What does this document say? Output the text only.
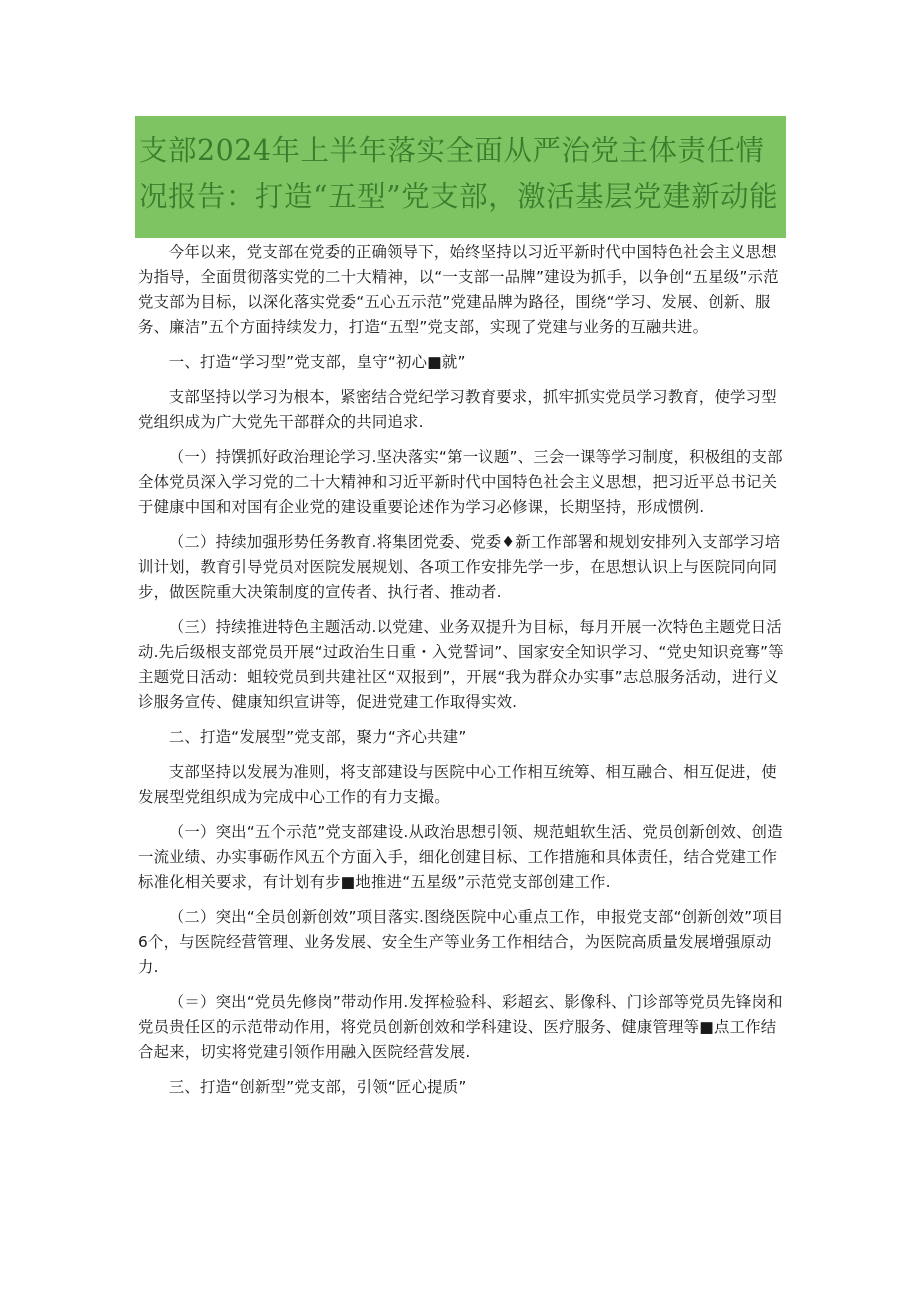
支部2024年上半年落实全面从严治党主体责任情况报告：打造“五型”党支部，激活基层党建新动能

今年以来，党支部在党委的正确领导下，始终坚持以习近平新时代中国特色社会主义思想为指导，全面贯彻落实党的二十大精神，以“一支部一品牌”建设为抓手，以争创“五星级”示范党支部为目标，以深化落实党委“五心五示范”党建品牌为路径，围绕“学习、发展、创新、服务、廉洁”五个方面持续发力，打造“五型”党支部，实现了党建与业务的互融共进。

一、打造“学习型”党支部，皇守“初心■就”

支部坚持以学习为根本，紧密结合党纪学习教育要求，抓牢抓实党员学习教育，使学习型党组织成为广大党先干部群众的共同追求.

（一）持馔抓好政治理论学习.坚决落实“第一议题”、三会一课等学习制度，积极组的支部全体党员深入学习党的二十大精神和习近平新时代中国特色社会主义思想，把习近平总书记关于健康中国和对国有企业党的建设重要论述作为学习必修课，长期坚持，形成惯例.

（二）持续加强形势任务教育.将集团党委、党委♦新工作部署和规划安排列入支部学习培训计划，教育引导党员对医院发展规划、各项工作安排先学一步，在思想认识上与医院同向同步，做医院重大决策制度的宣传者、执行者、推动者.

（三）持续推进特色主题活动.以党建、业务双提升为目标，每月开展一次特色主题党日活动.先后级根支部党员开展“过政治生日重・入党誓词”、国家安全知识学习、“党史知识竞骞”等主题党日活动：蛆较党员到共建社区“双报到”，开展“我为群众办实事”志总服务活动，进行义诊服务宣传、健康知织宣讲等，促进党建工作取得实效.

二、打造“发展型”党支部，聚力“齐心共建”

支部坚持以发展为准则，将支部建设与医院中心工作相互统筹、相互融合、相互促进，使发展型党组织成为完成中心工作的有力支撮。

（一）突出“五个示范”党支部建设.从政治思想引领、规范蛆软生活、党员创新创效、创造一流业绩、办实事砺作风五个方面入手，细化创建目标、工作措施和具体责任，结合党建工作标准化相关要求，有计划有步■地推进“五星级”示范党支部创建工作.

（二）突出“全员创新创效”项目落实.图绕医院中心重点工作，申报党支部“创新创效”项目6个，与医院经营管理、业务发展、安全生产等业务工作相结合，为医院高质量发展增强原动力.

（＝）突出“党员先修岗”带动作用.发挥检验科、彩超玄、影像科、门诊部等党员先锋岗和党员贵任区的示范带动作用，将党员创新创效和学科建设、医疗服务、健康管理等■点工作结合起来，切实将党建引领作用融入医院经营发展.

三、打造“创新型”党支部，引领“匠心提质”
